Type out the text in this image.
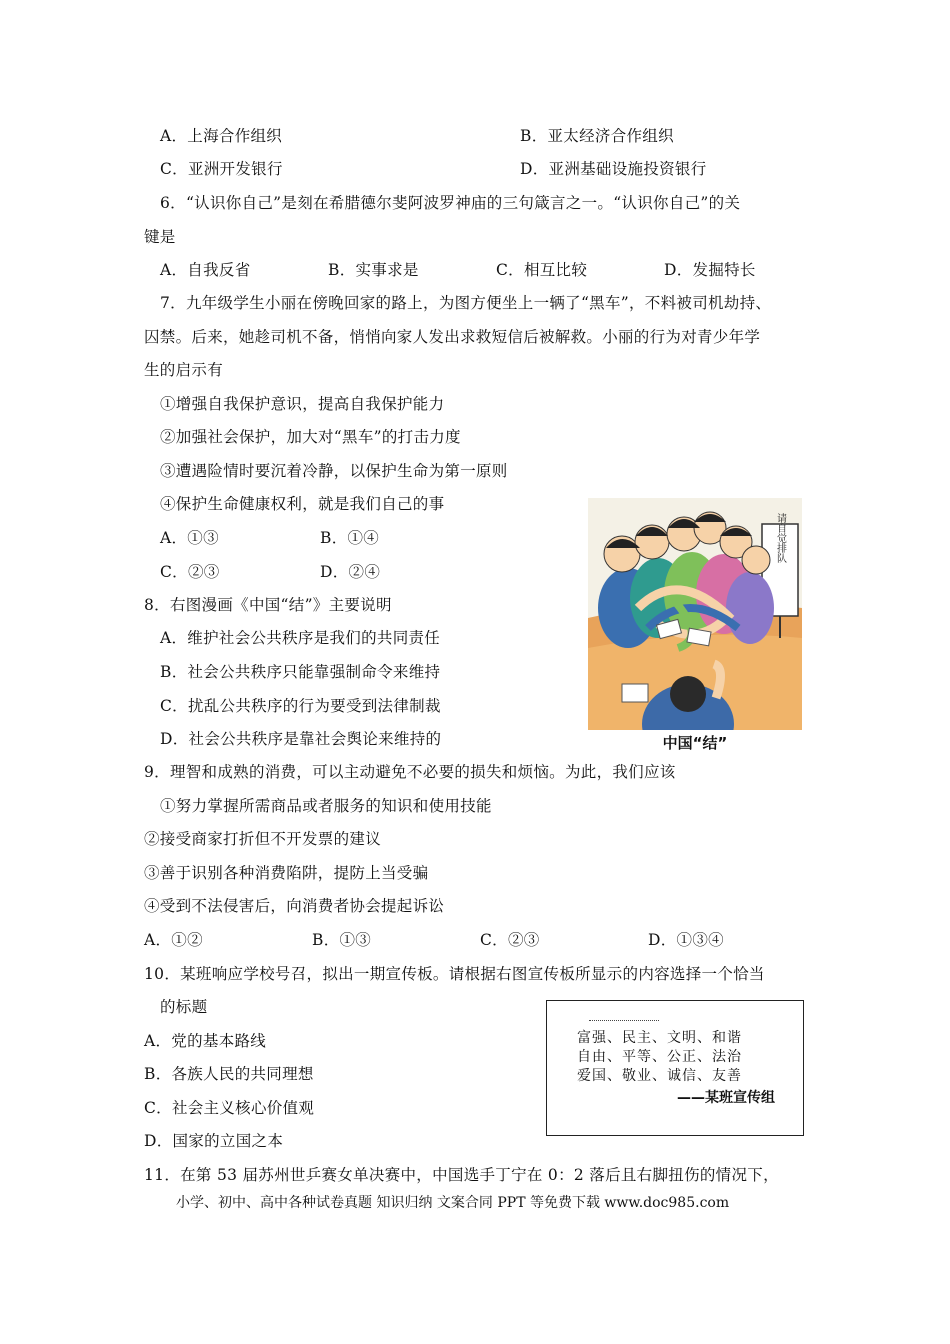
A．上海合作组织	B．亚太经济合作组织
C．亚洲开发银行	D．亚洲基础设施投资银行
6．“认识你自己”是刻在希腊德尔斐阿波罗神庙的三句箴言之一。“认识你自己”的关
键是
A．自我反省	B．实事求是	C．相互比较	D．发掘特长
7．九年级学生小丽在傍晚回家的路上，为图方便坐上一辆了“黑车”，不料被司机劫持、
囚禁。后来，她趁司机不备，悄悄向家人发出求救短信后被解救。小丽的行为对青少年学
生的启示有
①增强自我保护意识，提高自我保护能力
②加强社会保护，加大对“黑车”的打击力度
③遭遇险情时要沉着冷静，以保护生命为第一原则
④保护生命健康权利，就是我们自己的事
A．①③	B．①④
C．②③	D．②④
8．右图漫画《中国“结”》主要说明
A．维护社会公共秩序是我们的共同责任
B．社会公共秩序只能靠强制命令来维持
C．扰乱公共秩序的行为要受到法律制裁
D．社会公共秩序是靠社会舆论来维持的
请自觉排队
中国“结”
9．理智和成熟的消费，可以主动避免不必要的损失和烦恼。为此，我们应该
①努力掌握所需商品或者服务的知识和使用技能
②接受商家打折但不开发票的建议
③善于识别各种消费陷阱，提防上当受骗
④受到不法侵害后，向消费者协会提起诉讼
A．①②	B．①③	C．②③	D．①③④
10．某班响应学校号召，拟出一期宣传板。请根据右图宣传板所显示的内容选择一个恰当
的标题
A．党的基本路线
B．各族人民的共同理想
C．社会主义核心价值观
D．国家的立国之本
富强、民主、文明、和谐
自由、平等、公正、法治
爱国、敬业、诚信、友善
——某班宣传组
11．在第 53 届苏州世乒赛女单决赛中，中国选手丁宁在 0：2 落后且右脚扭伤的情况下，
小学、初中、高中各种试卷真题 知识归纳 文案合同 PPT 等免费下载 www.doc985.com
